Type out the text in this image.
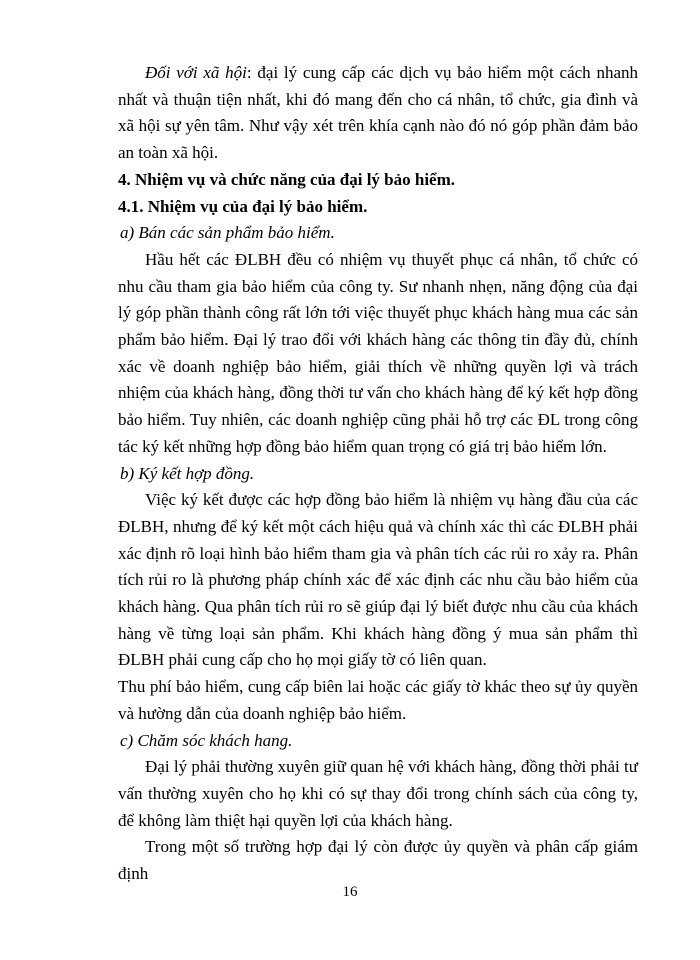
Đối với xã hội: đại lý cung cấp các dịch vụ bảo hiểm một cách nhanh nhất và thuận tiện nhất, khi đó mang đến cho cá nhân, tổ chức, gia đình và xã hội sự yên tâm. Như vậy xét trên khía cạnh nào đó nó góp phần đảm bảo an toàn xã hội.

4. Nhiệm vụ và chức năng của đại lý bảo hiểm.

4.1. Nhiệm vụ của đại lý bảo hiểm.

a) Bán các sản phẩm bảo hiểm.

Hầu hết các ĐLBH đều có nhiệm vụ thuyết phục cá nhân, tổ chức có nhu cầu tham gia bảo hiểm của công ty. Sư nhanh nhẹn, năng động của đại lý góp phần thành công rất lớn tới việc thuyết phục khách hàng mua các sản phẩm bảo hiểm. Đại lý trao đổi với khách hàng các thông tin đầy đủ, chính xác về doanh nghiệp bảo hiểm, giải thích về những quyền lợi và trách nhiệm của khách hàng, đồng thời tư vấn cho khách hàng để ký kết hợp đồng bảo hiểm. Tuy nhiên, các doanh nghiệp cũng phải hỗ trợ các ĐL trong công tác ký kết những hợp đồng bảo hiểm quan trọng có giá trị bảo hiểm lớn.

b) Ký kết hợp đồng.

Việc ký kết được các hợp đồng bảo hiểm là nhiệm vụ hàng đầu của các ĐLBH, nhưng để ký kết một cách hiệu quả và chính xác thì các ĐLBH phải xác định rõ loại hình bảo hiểm tham gia và phân tích các rủi ro xảy ra. Phân tích rủi ro là phương pháp chính xác để xác định các nhu cầu bảo hiểm của khách hàng. Qua phân tích rủi ro sẽ giúp đại lý biết được nhu cầu của khách hàng về từng loại sản phẩm. Khi khách hàng đồng ý mua sản phẩm thì ĐLBH phải cung cấp cho họ mọi giấy tờ có liên quan.

Thu phí bảo hiểm, cung cấp biên lai hoặc các giấy tờ khác theo sự ủy quyền và hường dẫn của doanh nghiệp bảo hiểm.

c) Chăm sóc khách hang.

Đại lý phải thường xuyên giữ quan hệ với khách hàng, đồng thời phải tư vấn thường xuyên cho họ khi có sự thay đổi trong chính sách của công ty, để không làm thiệt hại quyền lợi của khách hàng.

Trong một số trường hợp đại lý còn được ủy quyền và phân cấp giám định

16
